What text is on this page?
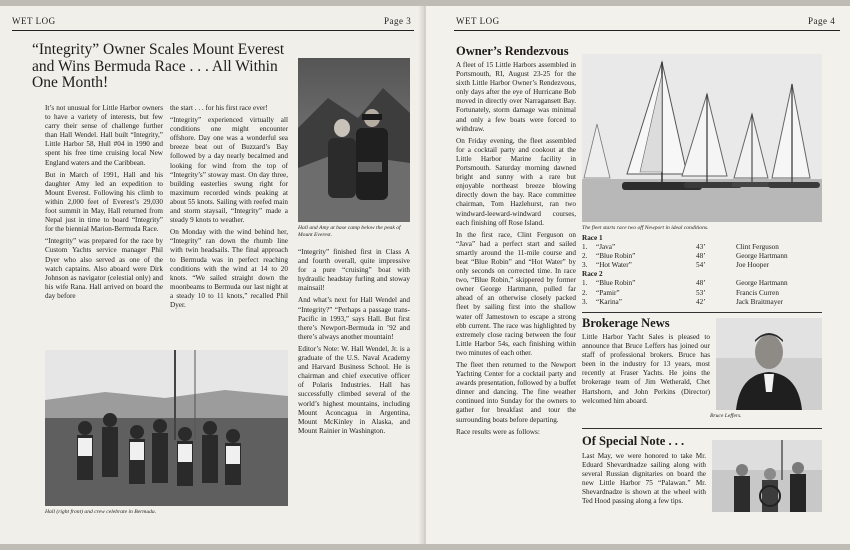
WET LOG	Page 3
“Integrity” Owner Scales Mount Everest and Wins Bermuda Race . . . All Within One Month!

It’s not unusual for Little Harbor owners to have a variety of interests, but few carry their sense of challenge further than Hall Wendel. Hall built “Integrity,” Little Harbor 58, Hull #04 in 1990 and spent his free time cruising local New England waters and the Caribbean.

But in March of 1991, Hall and his daughter Amy led an expedition to Mount Everest. Following his climb to within 2,000 feet of Everest’s 29,030 foot summit in May, Hall returned from Nepal just in time to board “Integrity” for the biennial Marion-Bermuda Race.

“Integrity” was prepared for the race by Custom Yachts service manager Phil Dyer who also served as one of the watch captains. Also aboard were Dirk Johnson as navigator (celestial only) and his wife Rana. Hall arrived on board the day before

the start . . . for his first race ever!

“Integrity” experienced virtually all conditions one might encounter offshore. Day one was a wonderful sea breeze beat out of Buzzard’s Bay followed by a day nearly becalmed and looking for wind from the top of “Integrity’s” stoway mast. On day three, building easterlies swung right for maximum recorded winds peaking at about 55 knots. Sailing with reefed main and storm staysail, “Integrity” made a steady 9 knots to weather.

On Monday with the wind behind her, “Integrity” ran down the rhumb line with twin headsails. The final approach to Bermuda was in perfect reaching conditions with the wind at 14 to 20 knots. “We sailed straight down the moonbeams to Bermuda our last night at a steady 10 to 11 knots,” recalled Phil Dyer.

Hall and Amy at base camp below the peak of Mount Everest.

“Integrity” finished first in Class A and fourth overall, quite impressive for a pure “cruising” boat with hydraulic headstay furling and stoway mainsail!

And what’s next for Hall Wendel and “Integrity?” “Perhaps a passage trans-Pacific in 1993,” says Hall. But first there’s Newport-Bermuda in ’92 and there’s always another mountain!

Editor’s Note: W. Hall Wendel, Jr. is a graduate of the U.S. Naval Academy and Harvard Business School. He is chairman and chief executive officer of Polaris Industries. Hall has successfully climbed several of the world’s highest mountains, including Mount Aconcagua in Argentina, Mount McKinley in Alaska, and Mount Rainier in Washington.

Hall (right front) and crew celebrate in Bermuda.
WET LOG	Page 4
Owner’s Rendezvous

A fleet of 15 Little Harbors assembled in Portsmouth, RI, August 23-25 for the sixth Little Harbor Owner’s Rendezvous, only days after the eye of Hurricane Bob moved in directly over Narragansett Bay. Fortunately, storm damage was minimal and only a few boats were forced to withdraw.

On Friday evening, the fleet assembled for a cocktail party and cookout at the Little Harbor Marine facility in Portsmouth. Saturday morning dawned bright and sunny with a rare but enjoyable northeast breeze blowing directly down the bay. Race committee chairman, Tom Hazlehurst, ran two windward-leeward-windward courses, each finishing off Rose Island.

In the first race, Clint Ferguson on “Java” had a perfect start and sailed smartly around the 11-mile course and beat “Blue Robin” and “Hot Water” by only seconds on corrected time. In race two, “Blue Robin,” skippered by former owner George Hartmann, pulled far ahead of an otherwise closely packed fleet by sailing first into the shallow water off Jamestown to escape a strong ebb current. The race was highlighted by extremely close racing between the four Little Harbor 54s, each finishing within two minutes of each other.

The fleet then returned to the Newport Yachting Center for a cocktail party and awards presentation, followed by a buffet dinner and dancing. The fine weather continued into Sunday for the owners to gather for breakfast and tour the surrounding boats before departing.

Race results were as follows:

The fleet starts race two off Newport in ideal conditions.
Race 1
1.	“Java”	43’	Clint Ferguson
2.	“Blue Robin”	48’	George Hartmann
3.	“Hot Water”	54’	Joe Hooper
Race 2
1.	“Blue Robin”	48’	George Hartmann
2.	“Pamir”	53’	Francis Curren
3.	“Karina”	42’	Jack Braitmayer
Brokerage News
Little Harbor Yacht Sales is pleased to announce that Bruce Leffers has joined our staff of professional brokers. Bruce has been in the industry for 13 years, most recently at Fraser Yachts. He joins the brokerage team of Jim Wetherald, Chet Hartshorn, and John Perkins (Director) welcomed him aboard.
Bruce Leffers.
Of Special Note . . .
Last May, we were honored to take Mr. Eduard Shevardnadze sailing along with several Russian dignitaries on board the new Little Harbor 75 “Palawan.” Mr. Shevardnadze is shown at the wheel with Ted Hood passing along a few tips.
